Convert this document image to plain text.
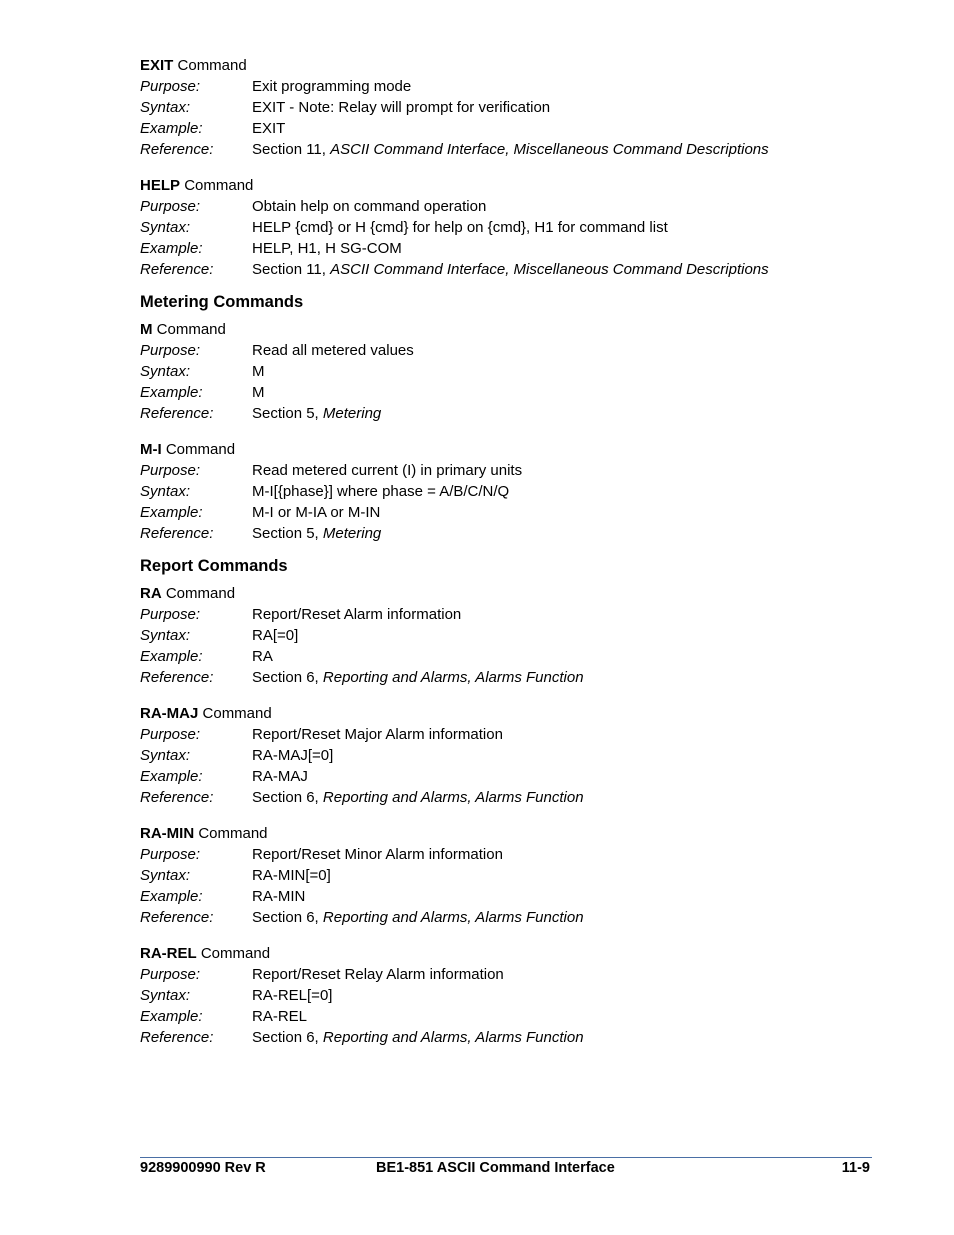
EXIT Command
Purpose:	Exit programming mode
Syntax:	EXIT - Note: Relay will prompt for verification
Example:	EXIT
Reference:	Section 11, ASCII Command Interface, Miscellaneous Command Descriptions
HELP Command
Purpose:	Obtain help on command operation
Syntax:	HELP {cmd} or H {cmd} for help on {cmd}, H1 for command list
Example:	HELP, H1, H SG-COM
Reference:	Section 11, ASCII Command Interface, Miscellaneous Command Descriptions
Metering Commands
M Command
Purpose:	Read all metered values
Syntax:	M
Example:	M
Reference:	Section 5, Metering
M-I Command
Purpose:	Read metered current (I) in primary units
Syntax:	M-I[{phase}] where phase = A/B/C/N/Q
Example:	M-I or M-IA or M-IN
Reference:	Section 5, Metering
Report Commands
RA Command
Purpose:	Report/Reset Alarm information
Syntax:	RA[=0]
Example:	RA
Reference:	Section 6, Reporting and Alarms, Alarms Function
RA-MAJ Command
Purpose:	Report/Reset Major Alarm information
Syntax:	RA-MAJ[=0]
Example:	RA-MAJ
Reference:	Section 6, Reporting and Alarms, Alarms Function
RA-MIN Command
Purpose:	Report/Reset Minor Alarm information
Syntax:	RA-MIN[=0]
Example:	RA-MIN
Reference:	Section 6, Reporting and Alarms, Alarms Function
RA-REL Command
Purpose:	Report/Reset Relay Alarm information
Syntax:	RA-REL[=0]
Example:	RA-REL
Reference:	Section 6, Reporting and Alarms, Alarms Function
9289900990 Rev R	BE1-851 ASCII Command Interface	11-9
